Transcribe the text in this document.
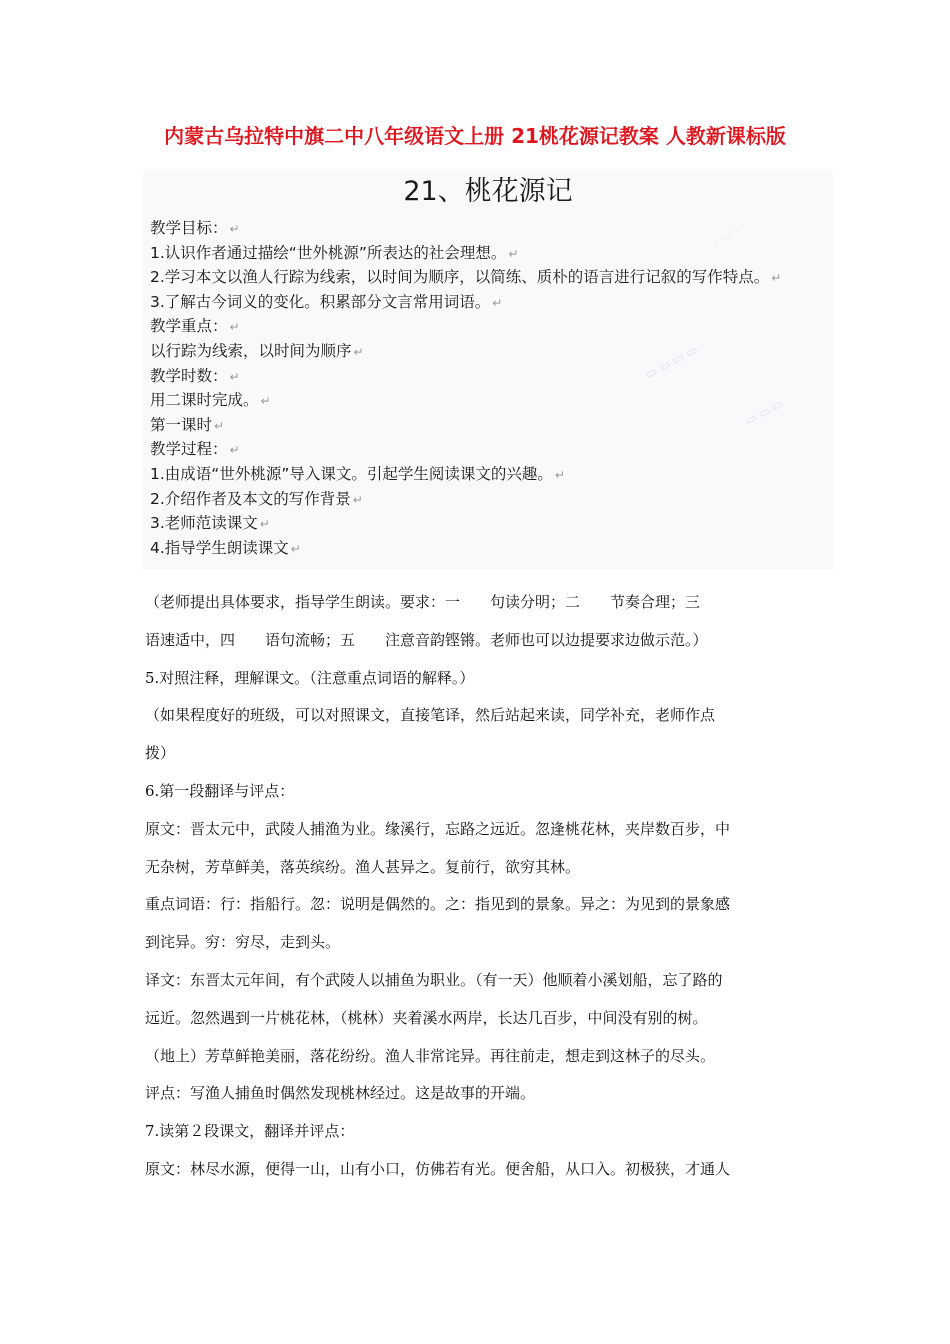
内蒙古乌拉特中旗二中八年级语文上册 21桃花源记教案 人教新课标版
· · · ·
▭ ▭ ▭ ▭
▭ ▭ ▭
21、桃花源记
教学目标： ↵
1.认识作者通过描绘“世外桃源”所表达的社会理想。 ↵
2.学习本文以渔人行踪为线索，以时间为顺序，以简练、质朴的语言进行记叙的写作特点。 ↵
3.了解古今词义的变化。积累部分文言常用词语。 ↵
教学重点： ↵
以行踪为线索，以时间为顺序 ↵
教学时数： ↵
用二课时完成。 ↵
第一课时 ↵
教学过程： ↵
1.由成语“世外桃源”导入课文。引起学生阅读课文的兴趣。 ↵
2.介绍作者及本文的写作背景 ↵
3.老师范读课文 ↵
4.指导学生朗读课文 ↵
（老师提出具体要求，指导学生朗读。要求：一　　句读分明；二　　节奏合理；三
语速适中，四　　语句流畅；五　　注意音韵铿锵。老师也可以边提要求边做示范。）
5.对照注释，理解课文。（注意重点词语的解释。）
（如果程度好的班级，可以对照课文，直接笔译，然后站起来读，同学补充，老师作点
拨）
6.第一段翻译与评点：
原文：晋太元中，武陵人捕渔为业。缘溪行，忘路之远近。忽逢桃花林，夹岸数百步，中
无杂树，芳草鲜美，落英缤纷。渔人甚异之。复前行，欲穷其林。
重点词语：行：指船行。忽：说明是偶然的。之：指见到的景象。异之：为见到的景象感
到诧异。穷：穷尽，走到头。
译文：东晋太元年间，有个武陵人以捕鱼为职业。（有一天）他顺着小溪划船，忘了路的
远近。忽然遇到一片桃花林，（桃林）夹着溪水两岸，长达几百步，中间没有别的树。
（地上）芳草鲜艳美丽，落花纷纷。渔人非常诧异。再往前走，想走到这林子的尽头。
评点：写渔人捕鱼时偶然发现桃林经过。这是故事的开端。
7.读第２段课文，翻译并评点：
原文：林尽水源，便得一山，山有小口，仿佛若有光。便舍船，从口入。初极狭，才通人
